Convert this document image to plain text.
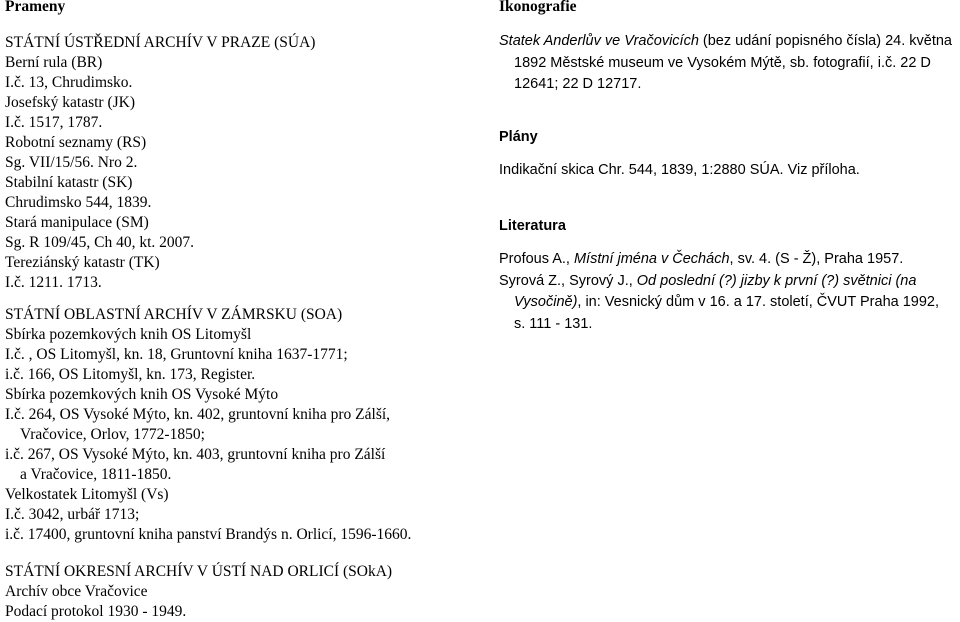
Prameny
STÁTNÍ ÚSTŘEDNÍ ARCHÍV V PRAZE (SÚA)
Berní rula (BR)
I.č. 13, Chrudimsko.
Josefský katastr (JK)
I.č. 1517, 1787.
Robotní seznamy (RS)
Sg. VII/15/56. Nro 2.
Stabilní katastr (SK)
Chrudimsko 544, 1839.
Stará manipulace (SM)
Sg. R 109/45, Ch 40, kt. 2007.
Tereziánský katastr (TK)
I.č. 1211. 1713.
STÁTNÍ OBLASTNÍ ARCHÍV V ZÁMRSKU (SOA)
Sbírka pozemkových knih OS Litomyšl
I.č. , OS Litomyšl, kn. 18, Gruntovní kniha 1637-1771;
i.č. 166, OS Litomyšl, kn. 173, Register.
Sbírka pozemkových knih OS Vysoké Mýto
I.č. 264, OS Vysoké Mýto, kn. 402, gruntovní kniha pro Zálší,
Vračovice, Orlov, 1772-1850;
i.č. 267, OS Vysoké Mýto, kn. 403, gruntovní kniha pro Zálší
a Vračovice, 1811-1850.
Velkostatek Litomyšl (Vs)
I.č. 3042, urbář 1713;
i.č. 17400, gruntovní kniha panství Brandýs n. Orlicí, 1596-1660.
STÁTNÍ OKRESNÍ ARCHÍV V ÚSTÍ NAD ORLICÍ (SOkA)
Archív obce Vračovice
Podací protokol 1930 - 1949.
Ikonografie
Statek Anderlův ve Vračovicích (bez udání popisného čísla) 24. května
1892 Městské museum ve Vysokém Mýtě, sb. fotografií, i.č. 22 D
12641; 22 D 12717.
Plány
Indikační skica Chr. 544, 1839, 1:2880 SÚA. Viz příloha.
Literatura
Profous A., Místní jména v Čechách, sv. 4. (S - Ž), Praha 1957.
Syrová Z., Syrový J., Od poslední (?) jizby k první (?) světnici (na
Vysočině), in: Vesnický dům v 16. a 17. století, ČVUT Praha 1992,
s. 111 - 131.
